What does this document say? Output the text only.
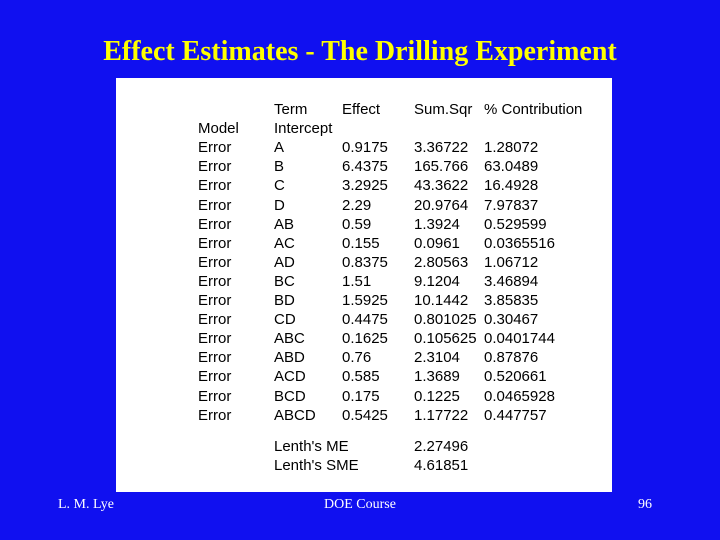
Effect Estimates - The Drilling Experiment
Term Effect Sum.Sqr % Contribution
Model Intercept
Error	A	0.9175 3.36722 1.28072
Error	B	6.4375 165.766 63.0489
Error	C	3.2925 43.3622 16.4928
Error	D	2.29	20.9764 7.97837
Error	AB	0.59	1.3924 0.529599
Error	AC	0.155 0.0961 0.0365516
Error	AD	0.8375 2.80563 1.06712
Error	BC	1.51	9.1204 3.46894
Error	BD	1.5925 10.1442 3.85835
Error	CD	0.4475 0.801025 0.30467
Error	ABC 0.1625 0.105625 0.0401744
Error	ABD 0.76	2.3104 0.87876
Error	ACD 0.585 1.3689 0.520661
Error	BCD 0.175 0.1225 0.0465928
Error	ABCD 0.5425 1.17722 0.447757
Lenth's ME	2.27496
Lenth's SME	4.61851
L. M. Lye	DOE Course	96
